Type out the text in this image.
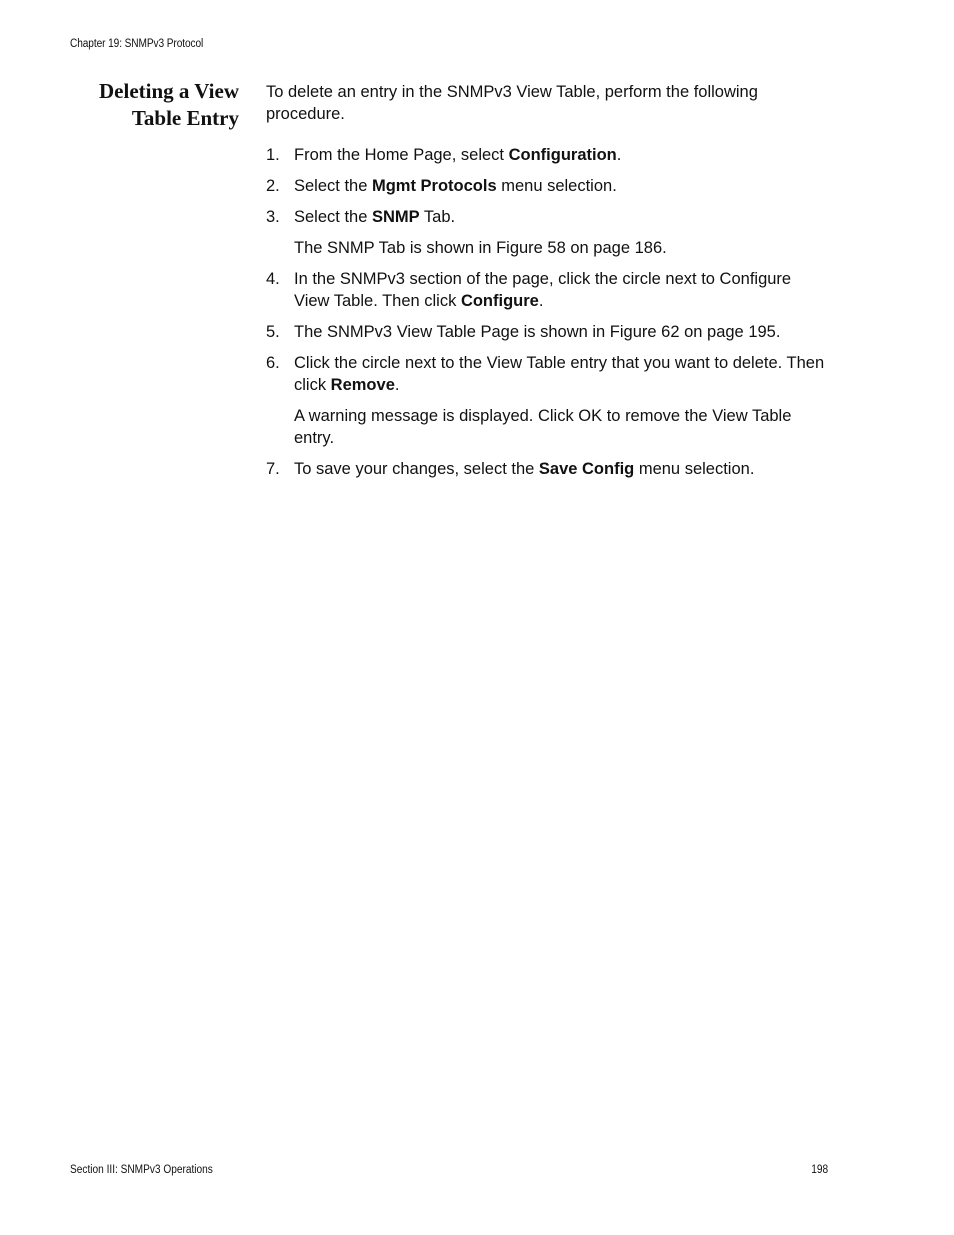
Chapter 19: SNMPv3 Protocol
Deleting a View
Table Entry

To delete an entry in the SNMPv3 View Table, perform the following procedure.

1. From the Home Page, select Configuration.

2. Select the Mgmt Protocols menu selection.

3. Select the SNMP Tab.

The SNMP Tab is shown in Figure 58 on page 186.
4. In the SNMPv3 section of the page, click the circle next to Configure View Table. Then click Configure.

5. The SNMPv3 View Table Page is shown in Figure 62 on page 195.

6. Click the circle next to the View Table entry that you want to delete. Then click Remove.

A warning message is displayed. Click OK to remove the View Table entry.
7. To save your changes, select the Save Config menu selection.

Section III: SNMPv3 Operations	198
